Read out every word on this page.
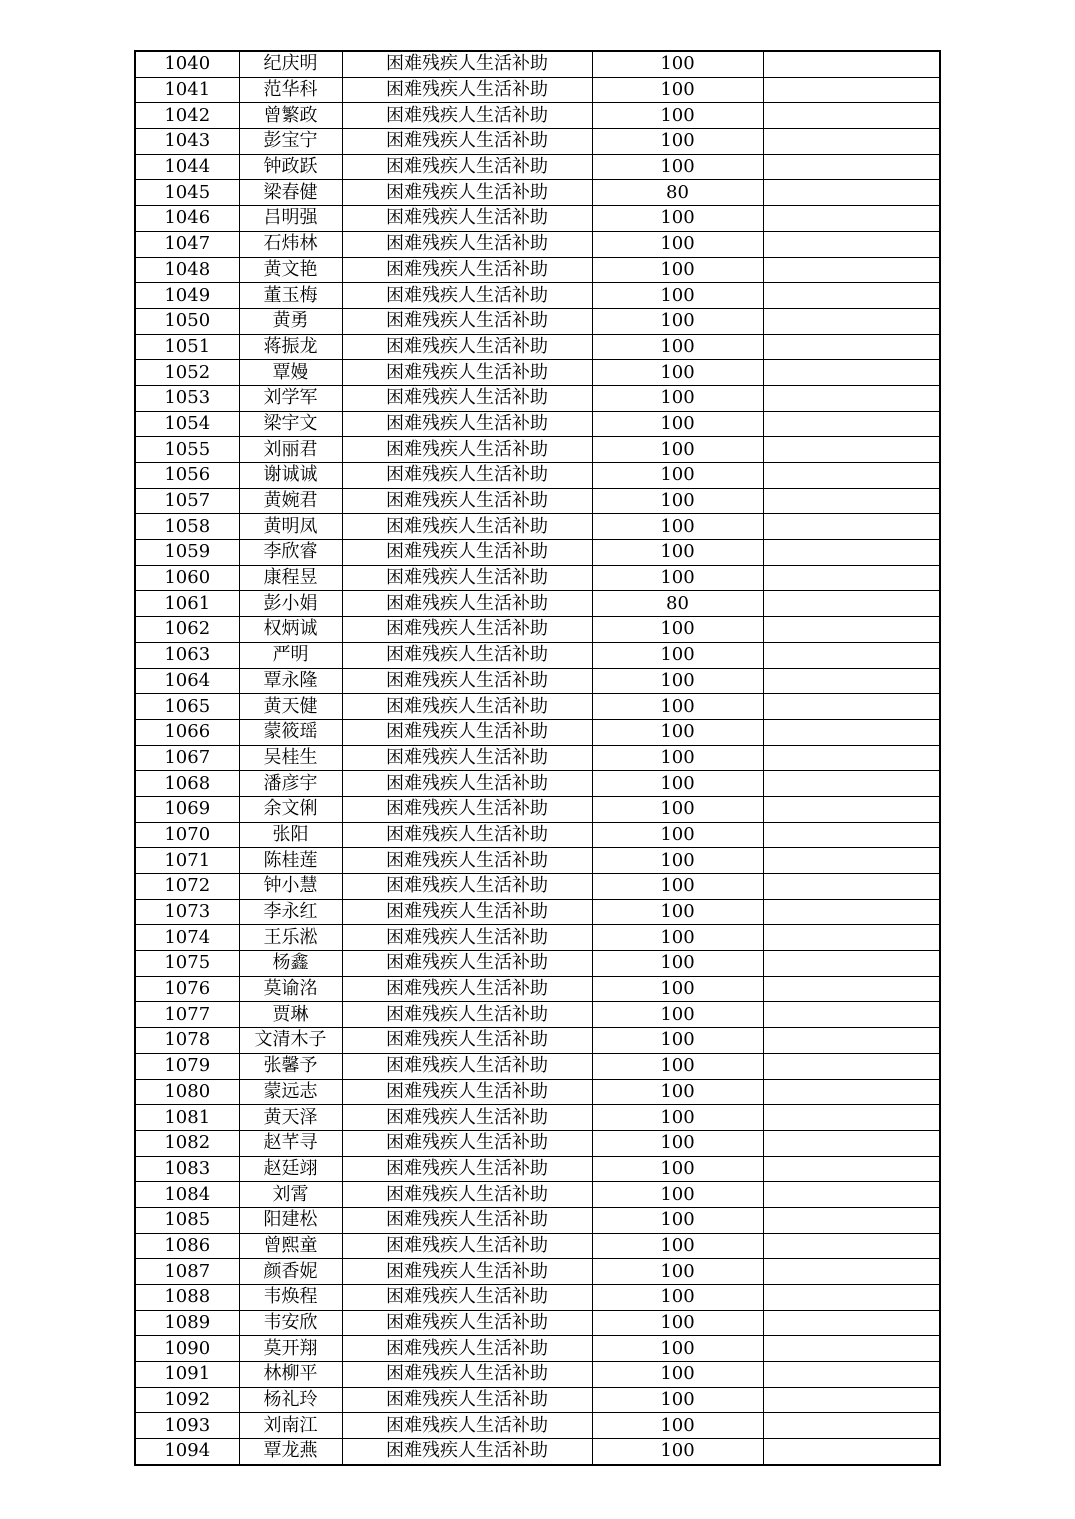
1040	纪庆明	困难残疾人生活补助	100	
1041	范华科	困难残疾人生活补助	100	
1042	曾繁政	困难残疾人生活补助	100	
1043	彭宝宁	困难残疾人生活补助	100	
1044	钟政跃	困难残疾人生活补助	100	
1045	梁春健	困难残疾人生活补助	80	
1046	吕明强	困难残疾人生活补助	100	
1047	石炜林	困难残疾人生活补助	100	
1048	黄文艳	困难残疾人生活补助	100	
1049	董玉梅	困难残疾人生活补助	100	
1050	黄勇	困难残疾人生活补助	100	
1051	蒋振龙	困难残疾人生活补助	100	
1052	覃嫚	困难残疾人生活补助	100	
1053	刘学军	困难残疾人生活补助	100	
1054	梁宇文	困难残疾人生活补助	100	
1055	刘丽君	困难残疾人生活补助	100	
1056	谢诚诚	困难残疾人生活补助	100	
1057	黄婉君	困难残疾人生活补助	100	
1058	黄明凤	困难残疾人生活补助	100	
1059	李欣睿	困难残疾人生活补助	100	
1060	康程昱	困难残疾人生活补助	100	
1061	彭小娟	困难残疾人生活补助	80	
1062	权炳诚	困难残疾人生活补助	100	
1063	严明	困难残疾人生活补助	100	
1064	覃永隆	困难残疾人生活补助	100	
1065	黄天健	困难残疾人生活补助	100	
1066	蒙筱瑶	困难残疾人生活补助	100	
1067	吴桂生	困难残疾人生活补助	100	
1068	潘彦宇	困难残疾人生活补助	100	
1069	余文俐	困难残疾人生活补助	100	
1070	张阳	困难残疾人生活补助	100	
1071	陈桂莲	困难残疾人生活补助	100	
1072	钟小慧	困难残疾人生活补助	100	
1073	李永红	困难残疾人生活补助	100	
1074	王乐淞	困难残疾人生活补助	100	
1075	杨鑫	困难残疾人生活补助	100	
1076	莫谕洺	困难残疾人生活补助	100	
1077	贾琳	困难残疾人生活补助	100	
1078	文清木子	困难残疾人生活补助	100	
1079	张馨予	困难残疾人生活补助	100	
1080	蒙远志	困难残疾人生活补助	100	
1081	黄天泽	困难残疾人生活补助	100	
1082	赵芊寻	困难残疾人生活补助	100	
1083	赵廷翊	困难残疾人生活补助	100	
1084	刘霄	困难残疾人生活补助	100	
1085	阳建松	困难残疾人生活补助	100	
1086	曾熙童	困难残疾人生活补助	100	
1087	颜香妮	困难残疾人生活补助	100	
1088	韦焕程	困难残疾人生活补助	100	
1089	韦安欣	困难残疾人生活补助	100	
1090	莫开翔	困难残疾人生活补助	100	
1091	林柳平	困难残疾人生活补助	100	
1092	杨礼玲	困难残疾人生活补助	100	
1093	刘南江	困难残疾人生活补助	100	
1094	覃龙燕	困难残疾人生活补助	100	
